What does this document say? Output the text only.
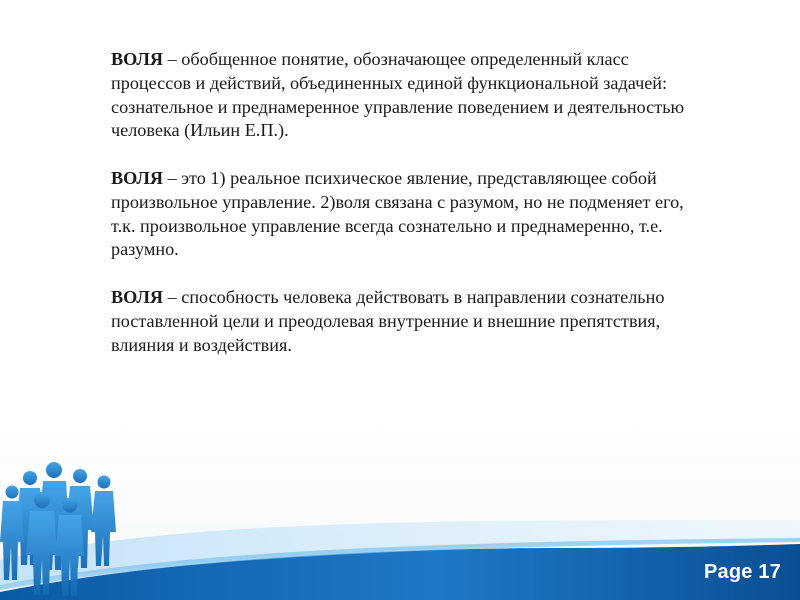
ВОЛЯ – обобщенное понятие, обозначающее определенный класс процессов и действий, объединенных единой функциональной задачей: сознательное и преднамеренное управление поведением и деятельностью человека (Ильин Е.П.).

ВОЛЯ – это 1) реальное психическое явление, представляющее собой произвольное управление. 2)воля связана с разумом, но не подменяет его, т.к. произвольное управление всегда сознательно и преднамеренно, т.е. разумно.

ВОЛЯ – способность человека действовать в направлении сознательно поставленной цели и преодолевая внутренние и внешние препятствия, влияния и воздействия.

Page 17
